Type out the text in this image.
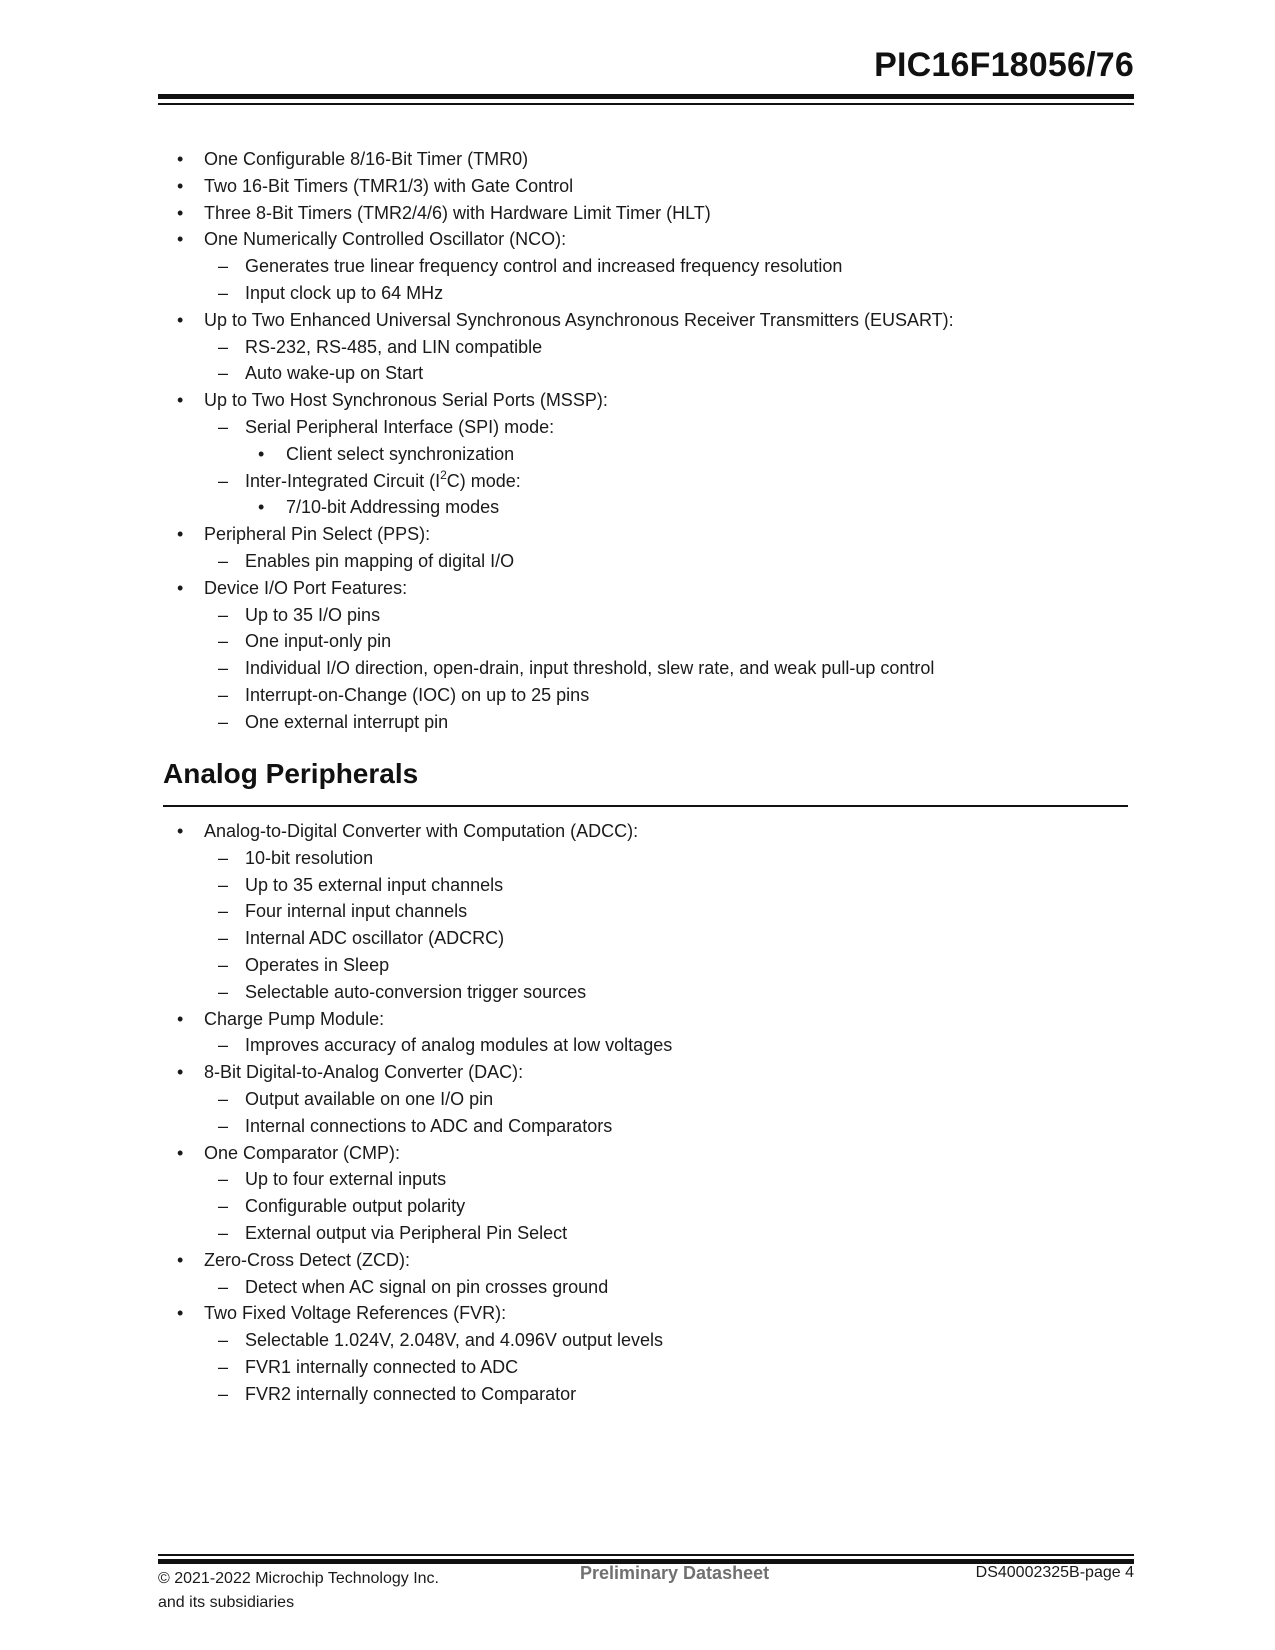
PIC16F18056/76
• One Configurable 8/16-Bit Timer (TMR0)
• Two 16-Bit Timers (TMR1/3) with Gate Control
• Three 8-Bit Timers (TMR2/4/6) with Hardware Limit Timer (HLT)
• One Numerically Controlled Oscillator (NCO):
– Generates true linear frequency control and increased frequency resolution
– Input clock up to 64 MHz
• Up to Two Enhanced Universal Synchronous Asynchronous Receiver Transmitters (EUSART):
– RS-232, RS-485, and LIN compatible
– Auto wake-up on Start
• Up to Two Host Synchronous Serial Ports (MSSP):
– Serial Peripheral Interface (SPI) mode:
• Client select synchronization
– Inter-Integrated Circuit $(I^2C)$ mode:
• 7/10-bit Addressing modes
• Peripheral Pin Select (PPS):
– Enables pin mapping of digital I/O
• Device I/O Port Features:
– Up to 35 I/O pins
– One input-only pin
– Individual I/O direction, open-drain, input threshold, slew rate, and weak pull-up control
– Interrupt-on-Change (IOC) on up to 25 pins
– One external interrupt pin
Analog Peripherals
• Analog-to-Digital Converter with Computation (ADCC):
– 10-bit resolution
– Up to 35 external input channels
– Four internal input channels
– Internal ADC oscillator (ADCRC)
– Operates in Sleep
– Selectable auto-conversion trigger sources
• Charge Pump Module:
– Improves accuracy of analog modules at low voltages
• 8-Bit Digital-to-Analog Converter (DAC):
– Output available on one I/O pin
– Internal connections to ADC and Comparators
• One Comparator (CMP):
– Up to four external inputs
– Configurable output polarity
– External output via Peripheral Pin Select
• Zero-Cross Detect (ZCD):
– Detect when AC signal on pin crosses ground
• Two Fixed Voltage References (FVR):
– Selectable 1.024V, 2.048V, and 4.096V output levels
– FVR1 internally connected to ADC
– FVR2 internally connected to Comparator
© 2021-2022 Microchip Technology Inc.
and its subsidiaries
Preliminary Datasheet	DS40002325B-page 4
